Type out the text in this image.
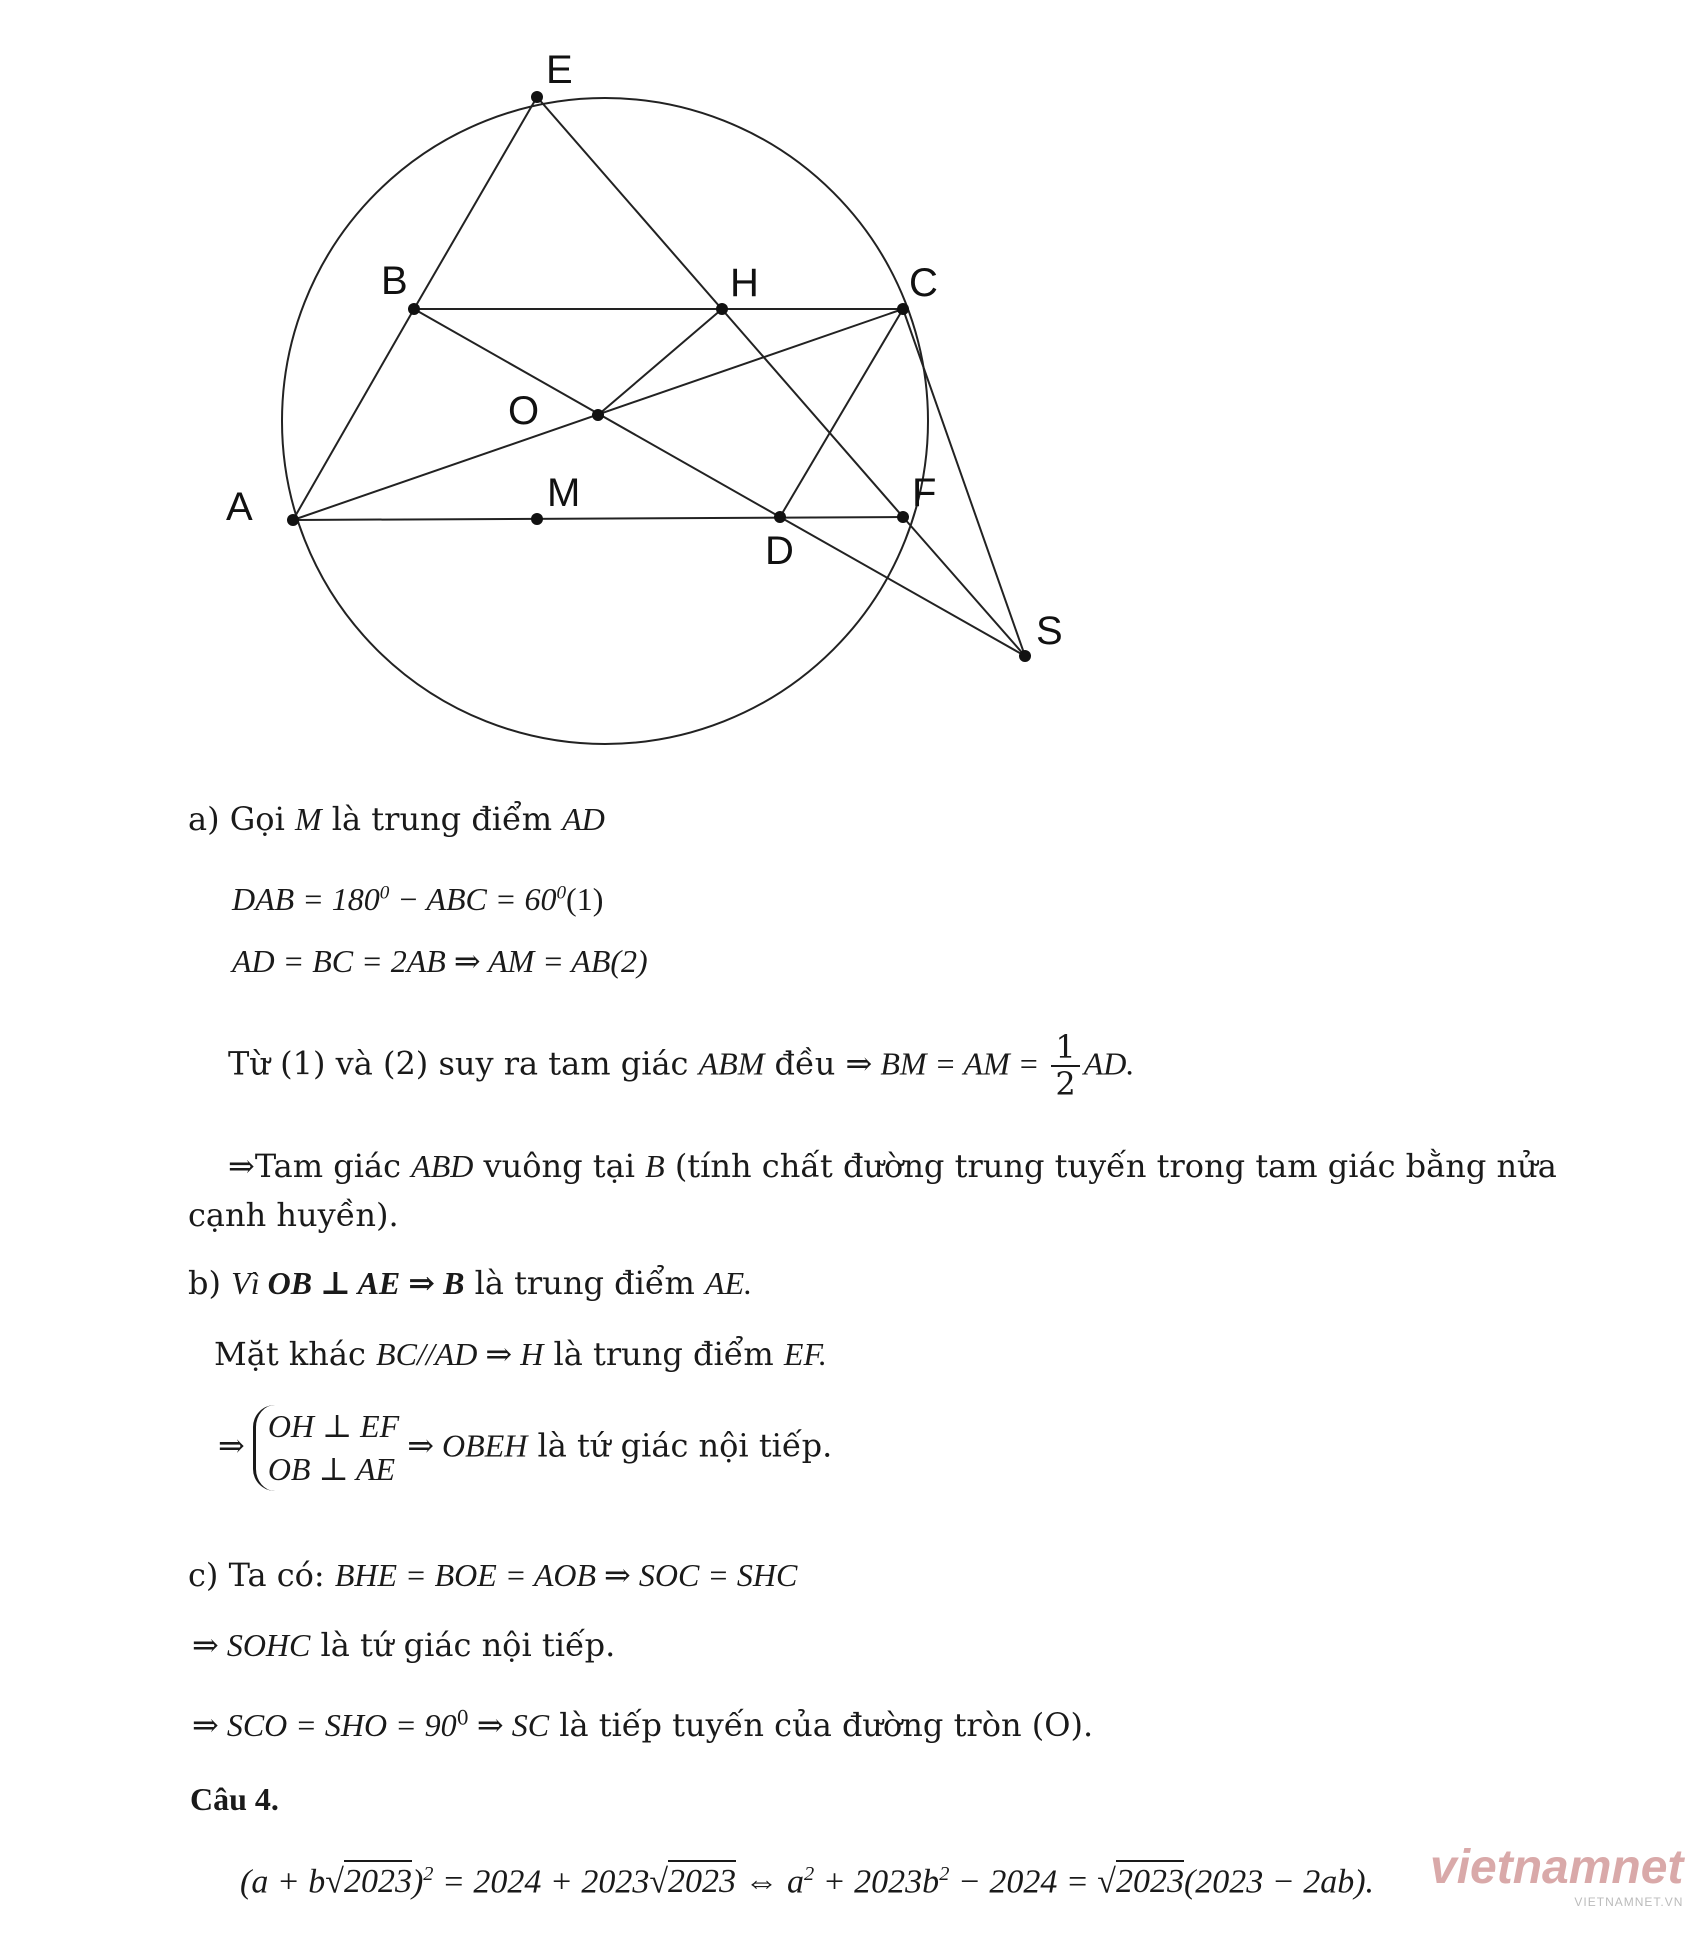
E
B	H	C
O
A	M
D
F
S
a) Gọi M là trung điểm AD
DAB = $180^0$ − ABC = $60^0(1)$
AD = BC = 2AB ⇒ AM = AB(2)
Từ (1) và (2) suy ra tam giác ABM đều ⇒ BM = AM = $\frac{1}{2}$ AD.
⇒Tam giác ABD vuông tại B (tính chất đường trung tuyến trong tam giác bằng nửa
cạnh huyền).
b) Vì OB ⊥ AE ⇒ B là trung điểm AE.
Mặt khác BC//AD ⇒ H là trung điểm EF.
⇒OH ⊥ EF
OB ⊥ AE⇒ OBEH là tứ giác nội tiếp.
c) Ta có: BHE = BOE = AOB ⇒ SOC = SHC
⇒ SOHC là tứ giác nội tiếp.
⇒ SCO = SHO = $90^0$ ⇒ SC là tiếp tuyến của đường tròn (O).
Câu 4.
$(a + b√2023)^2 = 2024 + 2023√2023$ ⇔ $a^2 + 2023b^2 - 2024 = √2023(2023 - 2ab)$. vietnamnet
VIETNAMNET.VN
